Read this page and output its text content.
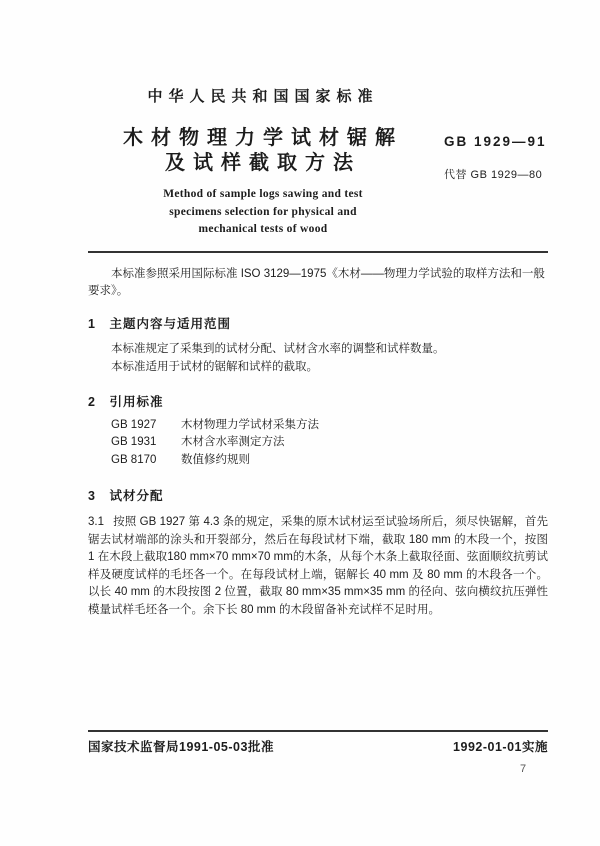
中华人民共和国国家标准
木材物理力学试材锯解
及试样截取方法
Method of sample logs sawing and test
specimens selection for physical and
mechanical tests of wood
GB 1929—91
代替 GB 1929—80

本标准参照采用国际标准 ISO 3129—1975《木材——物理力学试验的取样方法和一般要求》。

1　主题内容与适用范围

本标准规定了采集到的试材分配、试材含水率的调整和试样数量。

本标准适用于试材的锯解和试样的截取。

2　引用标准
GB 1927	木材物理力学试材采集方法
GB 1931	木材含水率测定方法
GB 8170	数值修约规则
3　试材分配

3.1 按照 GB 1927 第 4.3 条的规定，采集的原木试材运至试验场所后，须尽快锯解，首先锯去试材端部的涂头和开裂部分，然后在每段试材下端，截取 180 mm 的木段一个，按图 1 在木段上截取180 mm×70 mm×70 mm的木条，从每个木条上截取径面、弦面顺纹抗剪试样及硬度试样的毛坯各一个。在每段试材上端，锯解长 40 mm 及 80 mm 的木段各一个。以长 40 mm 的木段按图 2 位置，截取 80 mm×35 mm×35 mm 的径向、弦向横纹抗压弹性模量试样毛坯各一个。余下长 80 mm 的木段留备补充试样不足时用。

国家技术监督局1991-05-03批准	1992-01-01实施
7
